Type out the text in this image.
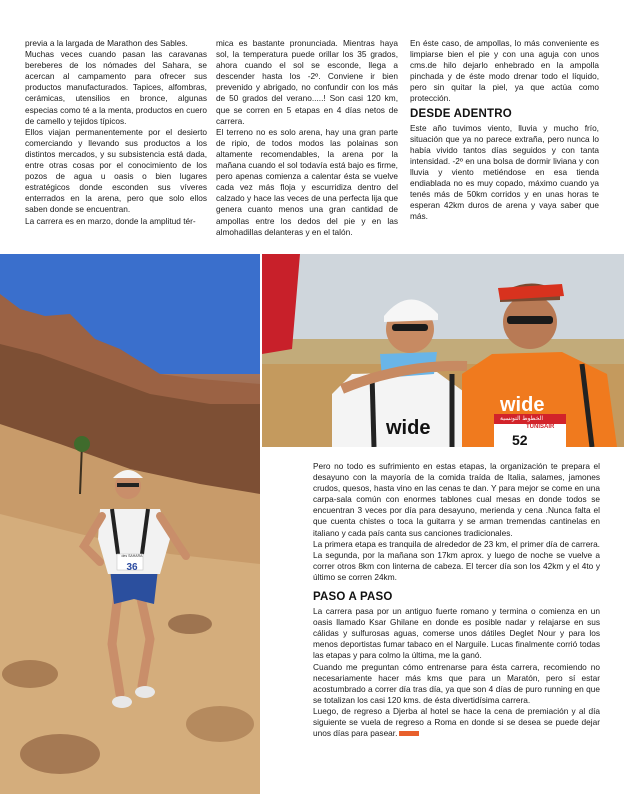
previa a la largada de Marathon des Sables.

Muchas veces cuando pasan las caravanas bereberes de los nómades del Sahara, se acercan al campamento para ofrecer sus productos manufacturados. Tapices, alfombras, cerámicas, utensilios en bronce, algunas especias como té a la menta, productos en cuero de camello y tejidos típicos.

Ellos viajan permanentemente por el desierto comerciando y llevando sus productos a los distintos mercados, y su subsistencia está dada, entre otras cosas por el conocimiento de los pozos de agua u oasis o bien lugares estratégicos donde esconden sus víveres enterrados en la arena, pero que solo ellos saben donde se encuentran.

La carrera es en marzo, donde la amplitud tér-

mica es bastante pronunciada. Mientras haya sol, la temperatura puede orillar los 35 grados, ahora cuando el sol se esconde, llega a descender hasta los -2º. Conviene ir bien prevenido y abrigado, no confundir con los más de 50 grados del verano.....! Son casi 120 km, que se corren en 5 etapas en 4 días netos de carrera.

El terreno no es solo arena, hay una gran parte de ripio, de todos modos las polainas son altamente recomendables, la arena por la mañana cuando el sol todavía está bajo es firme, pero apenas comienza a calentar ésta se vuelve cada vez más floja y escurridiza dentro del calzado y hace las veces de una perfecta lija que genera cuanto menos una gran cantidad de ampollas entre los dedos del pie y en las almohadillas delanteras y en el talón.

En éste caso, de ampollas, lo más conveniente es limpiarse bien el pie y con una aguja con unos cms.de hilo dejarlo enhebrado en la ampolla pinchada y de éste modo drenar todo el líquido, pero sin quitar la piel, ya que actúa como protección.

DESDE ADENTRO

Este año tuvimos viento, lluvia y mucho frío, situación que ya no parece extraña, pero nunca lo había vivido tantos días seguidos y con tanta intensidad. -2º en una bolsa de dormir liviana y con lluvia y viento metiéndose en esa tienda endiablada no es muy copado, máximo cuando ya tenés más de 50km corridos y en unas horas te esperan 42km duros de arena y vaya saber que más.

36
des SAHARA
wide
wide
TUNISAIR
الخطوط التونسية
52

Pero no todo es sufrimiento en estas etapas, la organización te prepara el desayuno con la mayoría de la comida traída de Italia, salames, jamones crudos, quesos, hasta vino en las cenas te dan. Y para mejor se come en una carpa-sala común con enormes tablones cual mesas en donde todos se encuentran 3 veces por día para desayuno, merienda y cena .Nunca falta el que cuenta chistes o toca la guitarra y se arman tremendas cantinelas en italiano y cada país canta sus canciones tradicionales.

La primera etapa es tranquila de alrededor de 23 km, el primer día de carrera. La segunda, por la mañana son 17km aprox. y luego de noche se vuelve a correr otros 8km con linterna de cabeza. El tercer día son los 42km y el 4to y último se corren 24km.

PASO A PASO

La carrera pasa por un antiguo fuerte romano y termina o comienza en un oasis llamado Ksar Ghilane en donde es posible nadar y relajarse en sus cálidas y sulfurosas aguas, comerse unos dátiles Deglet Nour y para los menos deportistas fumar tabaco en el Narguile. Lucas finalmente corrió todas las etapas y para colmo la última, me la ganó.

Cuando me preguntan cómo entrenarse para ésta carrera, recomiendo no necesariamente hacer más kms que para un Maratón, pero sí estar acostumbrado a correr día tras día, ya que son 4 días de puro running en que se totalizan los casi 120 kms. de ésta divertidísima carrera.

Luego, de regreso a Djerba al hotel se hace la cena de premiación y al día siguiente se vuela de regreso a Roma en donde si se desea se puede dejar unos días para pasear.
